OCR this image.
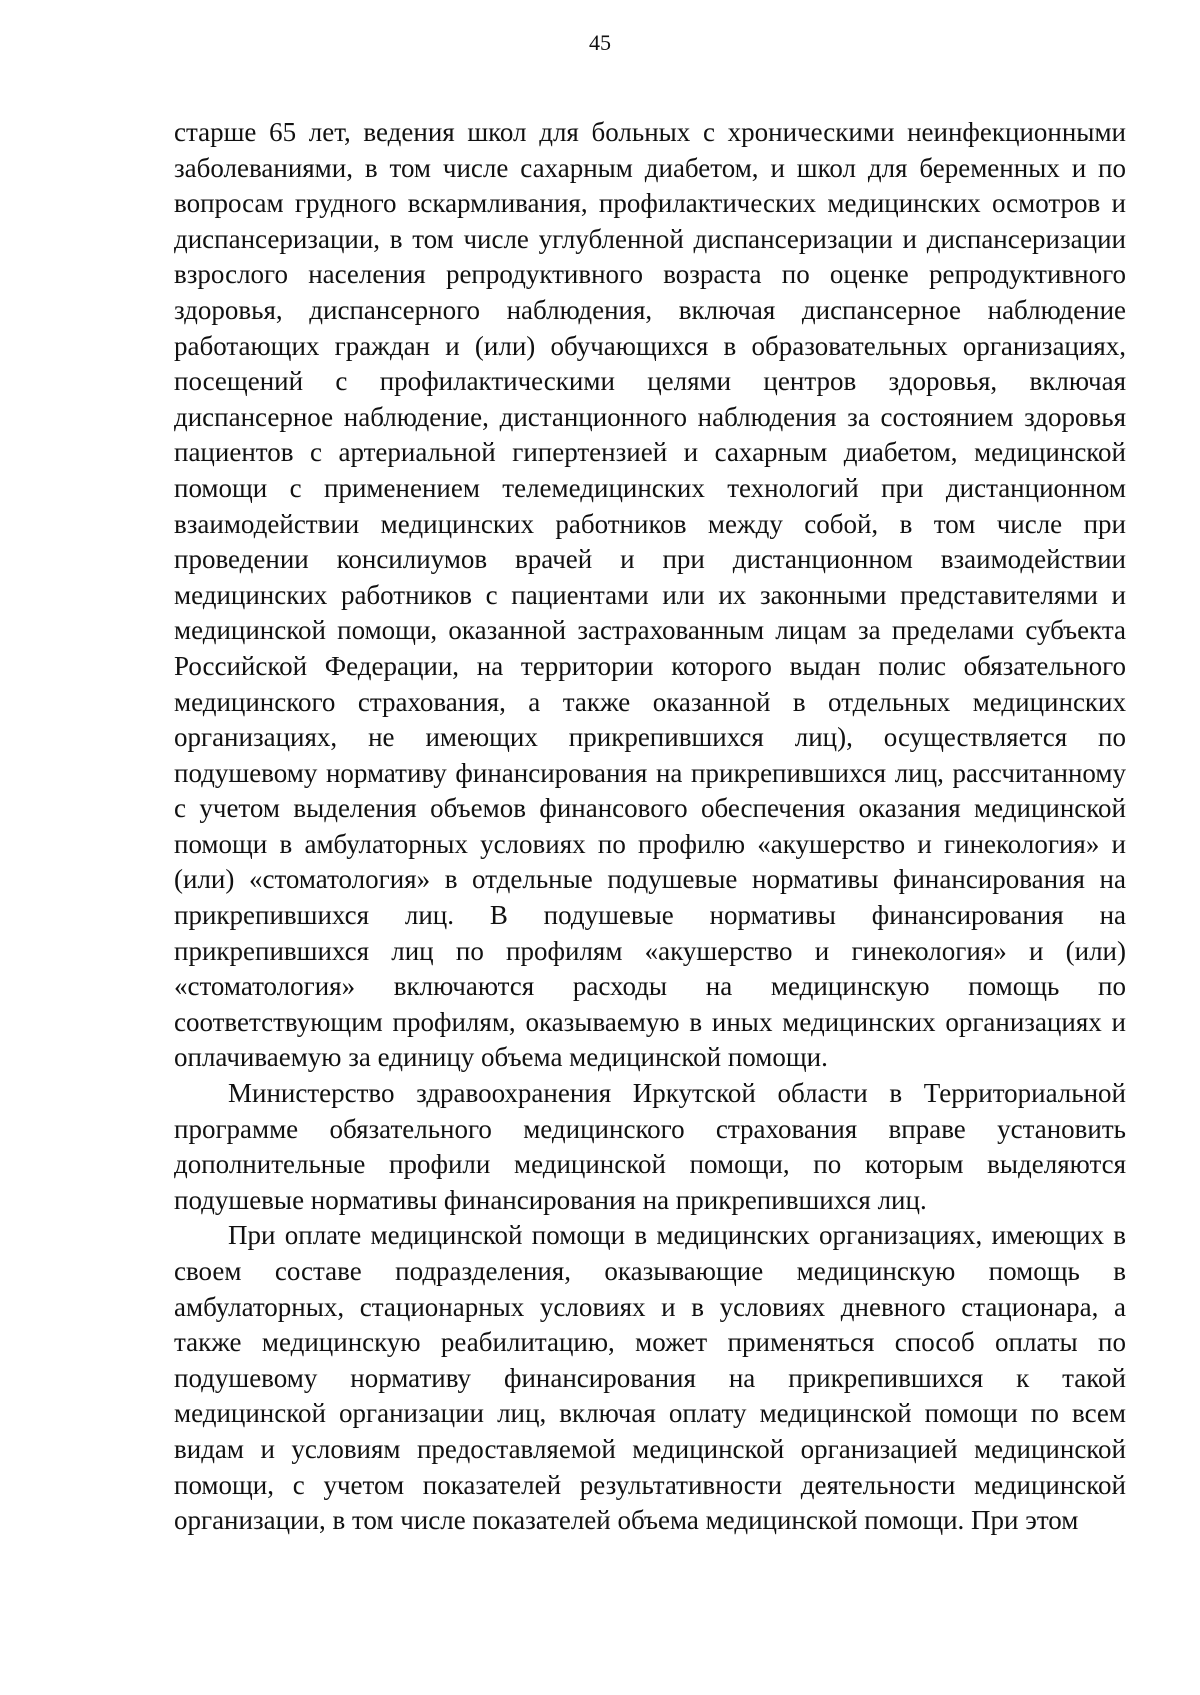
45

старше 65 лет, ведения школ для больных с хроническими неинфекционными заболеваниями, в том числе сахарным диабетом, и школ для беременных и по вопросам грудного вскармливания, профилактических медицинских осмотров и диспансеризации, в том числе углубленной диспансеризации и диспансеризации взрослого населения репродуктивного возраста по оценке репродуктивного здоровья, диспансерного наблюдения, включая диспансерное наблюдение работающих граждан и (или) обучающихся в образовательных организациях, посещений с профилактическими целями центров здоровья, включая диспансерное наблюдение, дистанционного наблюдения за состоянием здоровья пациентов с артериальной гипертензией и сахарным диабетом, медицинской помощи с применением телемедицинских технологий при дистанционном взаимодействии медицинских работников между собой, в том числе при проведении консилиумов врачей и при дистанционном взаимодействии медицинских работников с пациентами или их законными представителями и медицинской помощи, оказанной застрахованным лицам за пределами субъекта Российской Федерации, на территории которого выдан полис обязательного медицинского страхования, а также оказанной в отдельных медицинских организациях, не имеющих прикрепившихся лиц), осуществляется по подушевому нормативу финансирования на прикрепившихся лиц, рассчитанному с учетом выделения объемов финансового обеспечения оказания медицинской помощи в амбулаторных условиях по профилю «акушерство и гинекология» и (или) «стоматология» в отдельные подушевые нормативы финансирования на прикрепившихся лиц. В подушевые нормативы финансирования на прикрепившихся лиц по профилям «акушерство и гинекология» и (или) «стоматология» включаются расходы на медицинскую помощь по соответствующим профилям, оказываемую в иных медицинских организациях и оплачиваемую за единицу объема медицинской помощи.

Министерство здравоохранения Иркутской области в Территориальной программе обязательного медицинского страхования вправе установить дополнительные профили медицинской помощи, по которым выделяются подушевые нормативы финансирования на прикрепившихся лиц.

При оплате медицинской помощи в медицинских организациях, имеющих в своем составе подразделения, оказывающие медицинскую помощь в амбулаторных, стационарных условиях и в условиях дневного стационара, а также медицинскую реабилитацию, может применяться способ оплаты по подушевому нормативу финансирования на прикрепившихся к такой медицинской организации лиц, включая оплату медицинской помощи по всем видам и условиям предоставляемой медицинской организацией медицинской помощи, с учетом показателей результативности деятельности медицинской организации, в том числе показателей объема медицинской помощи. При этом
